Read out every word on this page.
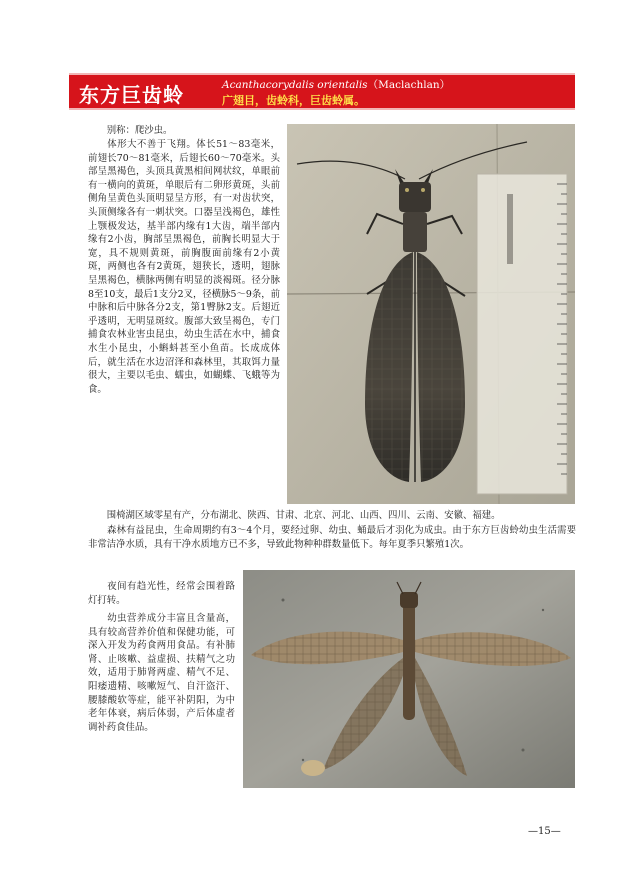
东方巨齿蛉	Acanthacorydalis orientalis（Maclachlan）
广翅目，齿蛉科，巨齿蛉属。

别称：爬沙虫。

体形大不善于飞翔。体长51～83毫米，前翅长70～81毫米，后翅长60～70毫米。头部呈黑褐色，头顶具黄黑相间网状纹，单眼前有一横向的黄斑，单眼后有二卵形黄斑，头前侧角呈黄色头顶明显呈方形，有一对齿状突，头顶侧缘各有一刺状突。口器呈浅褐色，雄性上颚极发达，基半部内缘有1大齿，端半部内缘有2小齿，胸部呈黑褐色，前胸长明显大于宽，具不规则黄斑，前胸腹面前缘有2小黄斑，两侧也各有2黄斑，翅狭长，透明，翅脉呈黑褐色，横脉两侧有明显的淡褐斑。径分脉8至10支，最后1支分2叉，径横脉5～9条，前中脉和后中脉各分2支，第1臀脉2支。后翅近乎透明，无明显斑纹。腹部大致呈褐色，专门捕食农林业害虫昆虫，幼虫生活在水中，捕食水生小昆虫，小蝌蚪甚至小鱼苗。长成成体后，就生活在水边沼泽和森林里，其取饵力量很大，主要以毛虫、蠕虫，如蝴蝶、飞蛾等为食。

围椅湖区域零星有产，分布湖北、陕西、甘肃、北京、河北、山西、四川、云南、安徽、福建。

森林有益昆虫，生命周期约有3～4个月，要经过卵、幼虫、蛹最后才羽化为成虫。由于东方巨齿蛉幼虫生活需要非常洁净水质，具有干净水质地方已不多，导致此物种种群数量低下。每年夏季只繁殖1次。

夜间有趋光性，经常会围着路灯打转。

幼虫营养成分丰富且含量高，具有较高营养价值和保健功能，可深入开发为药食两用食品。有补肺肾、止咳嗽、益虚损、扶精气之功效，适用于肺肾两虚、精气不足、阳痿遗精、咳嗽短气、自汗盗汗、腰膝酸软等症，能平补阴阳，为中老年体衰，病后体弱，产后体虚者调补药食佳品。

—15—
